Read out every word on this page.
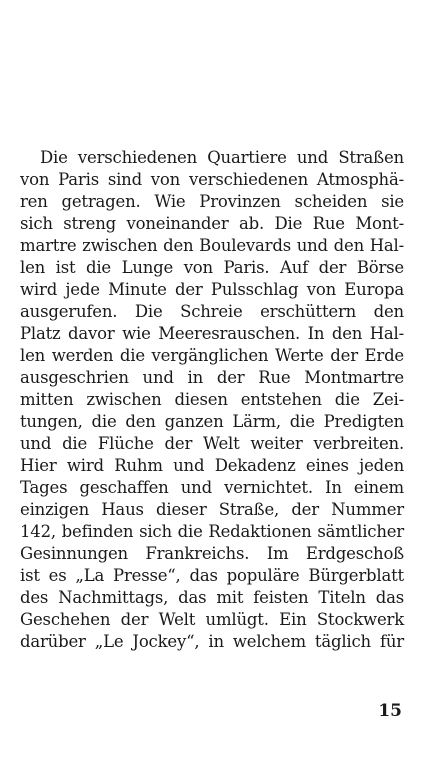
Die verschiedenen Quartiere und Straßen
von Paris sind von verschiedenen Atmosphä-
ren getragen. Wie Provinzen scheiden sie
sich streng voneinander ab. Die Rue Mont-
martre zwischen den Boulevards und den Hal-
len ist die Lunge von Paris. Auf der Börse
wird jede Minute der Pulsschlag von Europa
ausgerufen. Die Schreie erschüttern den
Platz davor wie Meeresrauschen. In den Hal-
len werden die vergänglichen Werte der Erde
ausgeschrien und in der Rue Montmartre
mitten zwischen diesen entstehen die Zei-
tungen, die den ganzen Lärm, die Predigten
und die Flüche der Welt weiter verbreiten.
Hier wird Ruhm und Dekadenz eines jeden
Tages geschaffen und vernichtet. In einem
einzigen Haus dieser Straße, der Nummer
142, befinden sich die Redaktionen sämtlicher
Gesinnungen Frankreichs. Im Erdgeschoß
ist es „La Presse“, das populäre Bürgerblatt
des Nachmittags, das mit feisten Titeln das
Geschehen der Welt umlügt. Ein Stockwerk
darüber „Le Jockey“, in welchem täglich für
15
